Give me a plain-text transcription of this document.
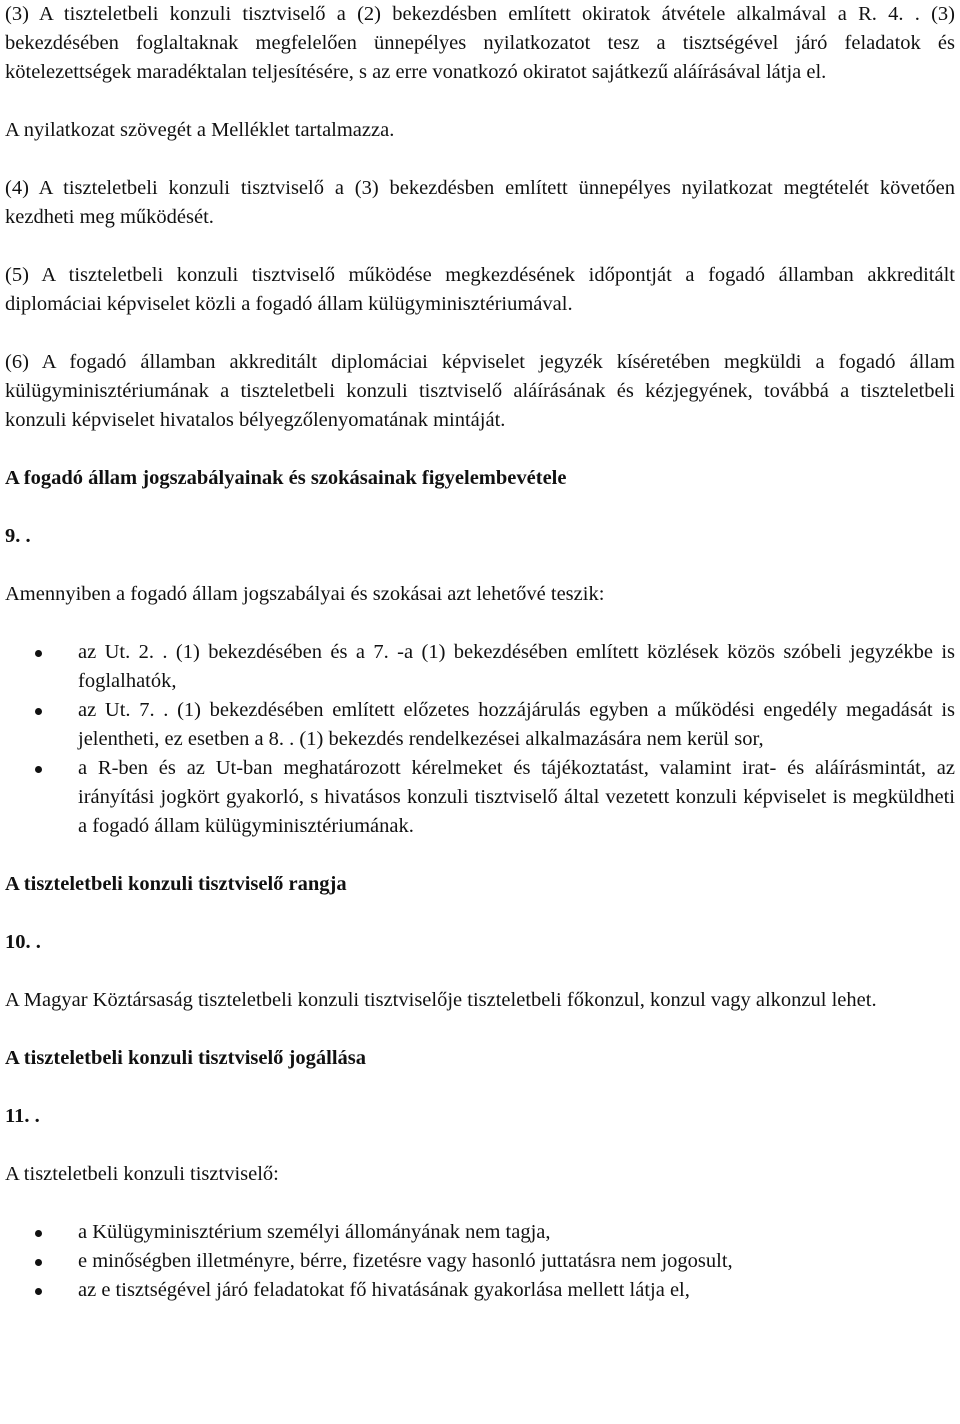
(3) A tiszteletbeli konzuli tisztviselő a (2) bekezdésben említett okiratok átvétele alkalmával a R. 4. . (3) bekezdésében foglaltaknak megfelelően ünnepélyes nyilatkozatot tesz a tisztségével járó feladatok és kötelezettségek maradéktalan teljesítésére, s az erre vonatkozó okiratot sajátkezű aláírásával látja el.

A nyilatkozat szövegét a Melléklet tartalmazza.

(4) A tiszteletbeli konzuli tisztviselő a (3) bekezdésben említett ünnepélyes nyilatkozat megtételét követően kezdheti meg működését.

(5) A tiszteletbeli konzuli tisztviselő működése megkezdésének időpontját a fogadó államban akkreditált diplomáciai képviselet közli a fogadó állam külügyminisztériumával.

(6) A fogadó államban akkreditált diplomáciai képviselet jegyzék kíséretében megküldi a fogadó állam külügyminisztériumának a tiszteletbeli konzuli tisztviselő aláírásának és kézjegyének, továbbá a tiszteletbeli konzuli képviselet hivatalos bélyegzőlenyomatának mintáját.

A fogadó állam jogszabályainak és szokásainak figyelembevétele
9. .

Amennyiben a fogadó állam jogszabályai és szokásai azt lehetővé teszik:

az Ut. 2. . (1) bekezdésében és a 7. -a (1) bekezdésében említett közlések közös szóbeli jegyzékbe is foglalhatók,
az Ut. 7. . (1) bekezdésében említett előzetes hozzájárulás egyben a működési engedély megadását is jelentheti, ez esetben a 8. . (1) bekezdés rendelkezései alkalmazására nem kerül sor,
a R-ben és az Ut-ban meghatározott kérelmeket és tájékoztatást, valamint irat- és aláírásmintát, az irányítási jogkört gyakorló, s hivatásos konzuli tisztviselő által vezetett konzuli képviselet is megküldheti a fogadó állam külügyminisztériumának.
A tiszteletbeli konzuli tisztviselő rangja
10. .

A Magyar Köztársaság tiszteletbeli konzuli tisztviselője tiszteletbeli főkonzul, konzul vagy alkonzul lehet.

A tiszteletbeli konzuli tisztviselő jogállása
11. .

A tiszteletbeli konzuli tisztviselő:

a Külügyminisztérium személyi állományának nem tagja,
e minőségben illetményre, bérre, fizetésre vagy hasonló juttatásra nem jogosult,
az e tisztségével járó feladatokat fő hivatásának gyakorlása mellett látja el,
